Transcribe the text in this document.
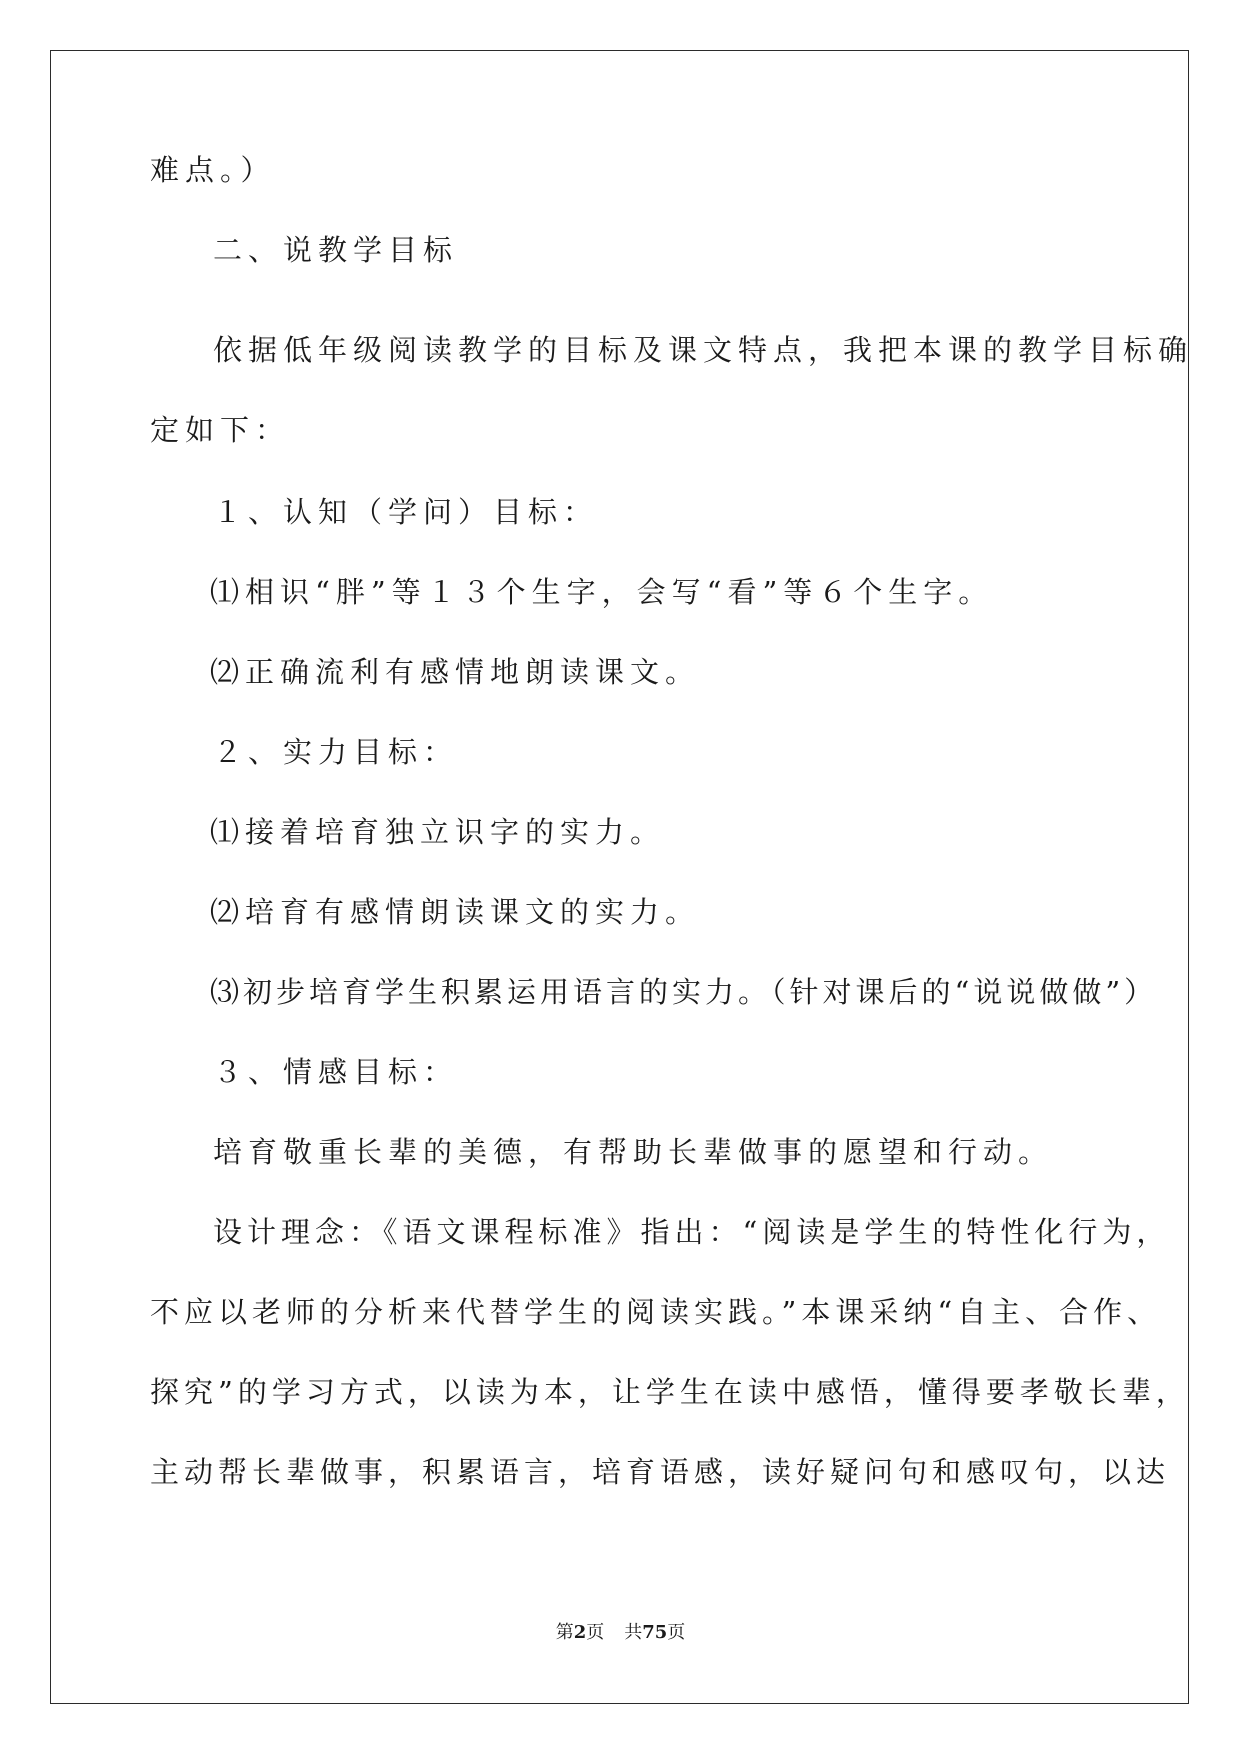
难点。）

二、说教学目标

依据低年级阅读教学的目标及课文特点，我把本课的教学目标确

定如下：

１、认知（学问）目标：

⑴相识“胖”等１３个生字，会写“看”等６个生字。

⑵正确流利有感情地朗读课文。

２、实力目标：

⑴接着培育独立识字的实力。

⑵培育有感情朗读课文的实力。

⑶初步培育学生积累运用语言的实力。（针对课后的“说说做做”）

３、情感目标：

培育敬重长辈的美德，有帮助长辈做事的愿望和行动。

设计理念：《语文课程标准》指出：“阅读是学生的特性化行为，

不应以老师的分析来代替学生的阅读实践。”本课采纳“自主、合作、

探究”的学习方式，以读为本，让学生在读中感悟，懂得要孝敬长辈，

主动帮长辈做事，积累语言，培育语感，读好疑问句和感叹句，以达

第2页 共75页
